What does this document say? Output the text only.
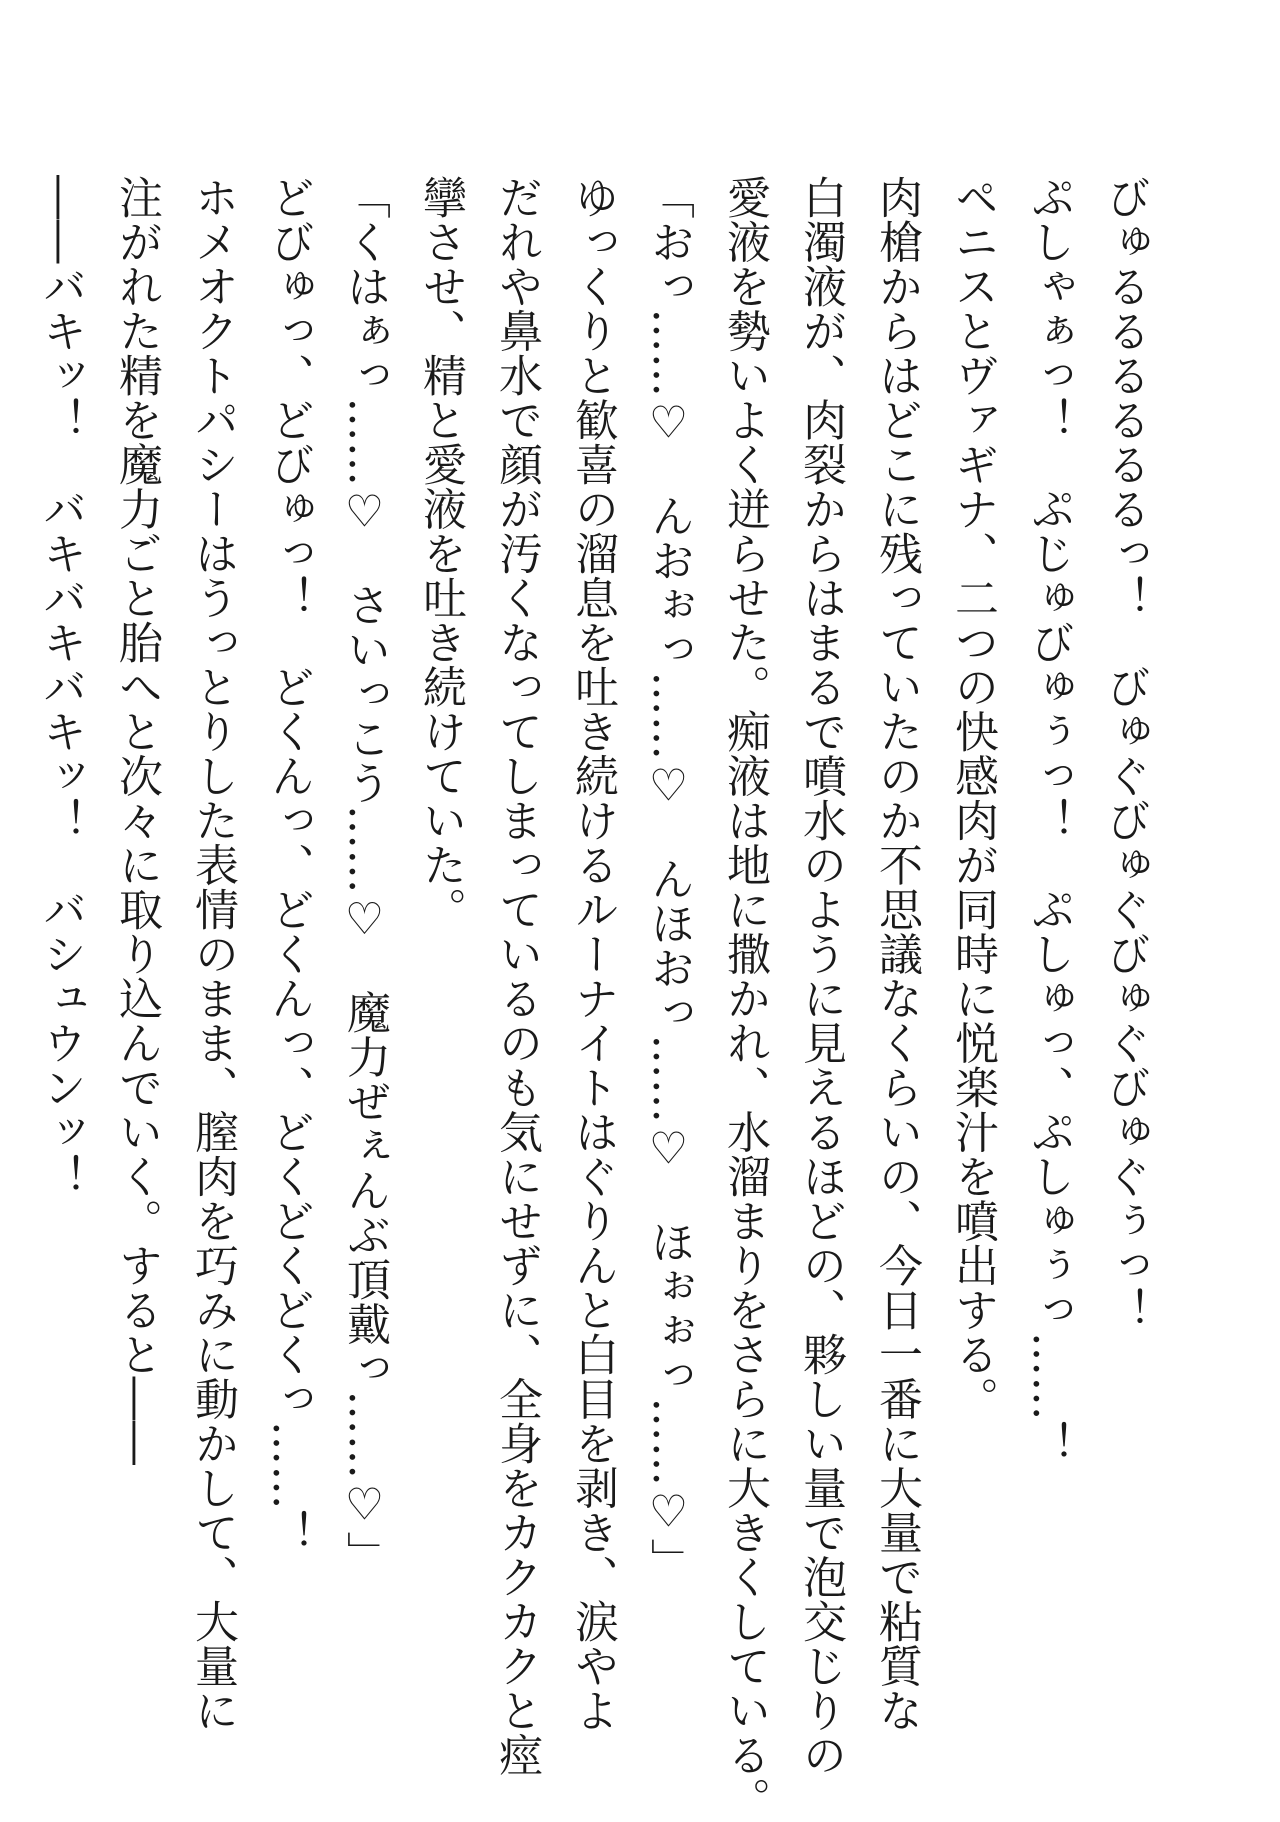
びゅるるるるるるっ！　びゅぐびゅぐびゅぐびゅぐぅっ！
ぷしゃぁっ！　ぷじゅびゅぅっ！　ぷしゅっ、ぷしゅぅっ……！
ペニスとヴァギナ、二つの快感肉が同時に悦楽汁を噴出する。
肉槍からはどこに残っていたのか不思議なくらいの、今日一番に大量で粘質な
白濁液が、肉裂からはまるで噴水のように見えるほどの、夥しい量で泡交じりの
愛液を勢いよく迸らせた。痴液は地に撒かれ、水溜まりをさらに大きくしている。
「おっ……♡　んおぉっ……♡　んほおっ……♡　ほぉぉっ……♡」
ゆっくりと歓喜の溜息を吐き続けるルーナイトはぐりんと白目を剥き、涙やよ
だれや鼻水で顔が汚くなってしまっているのも気にせずに、全身をカクカクと痙
攣させ、精と愛液を吐き続けていた。
「くはぁっ……♡　さいっこう……♡　魔力ぜぇんぶ頂戴っ……♡」
どびゅっ、どびゅっ！　どくんっ、どくんっ、どくどくどくっ……！
ホメオクトパシーはうっとりした表情のまま、膣肉を巧みに動かして、大量に
注がれた精を魔力ごと胎へと次々に取り込んでいく。すると――
――バキッ！　バキバキバキッ！　バシュウンッ！
